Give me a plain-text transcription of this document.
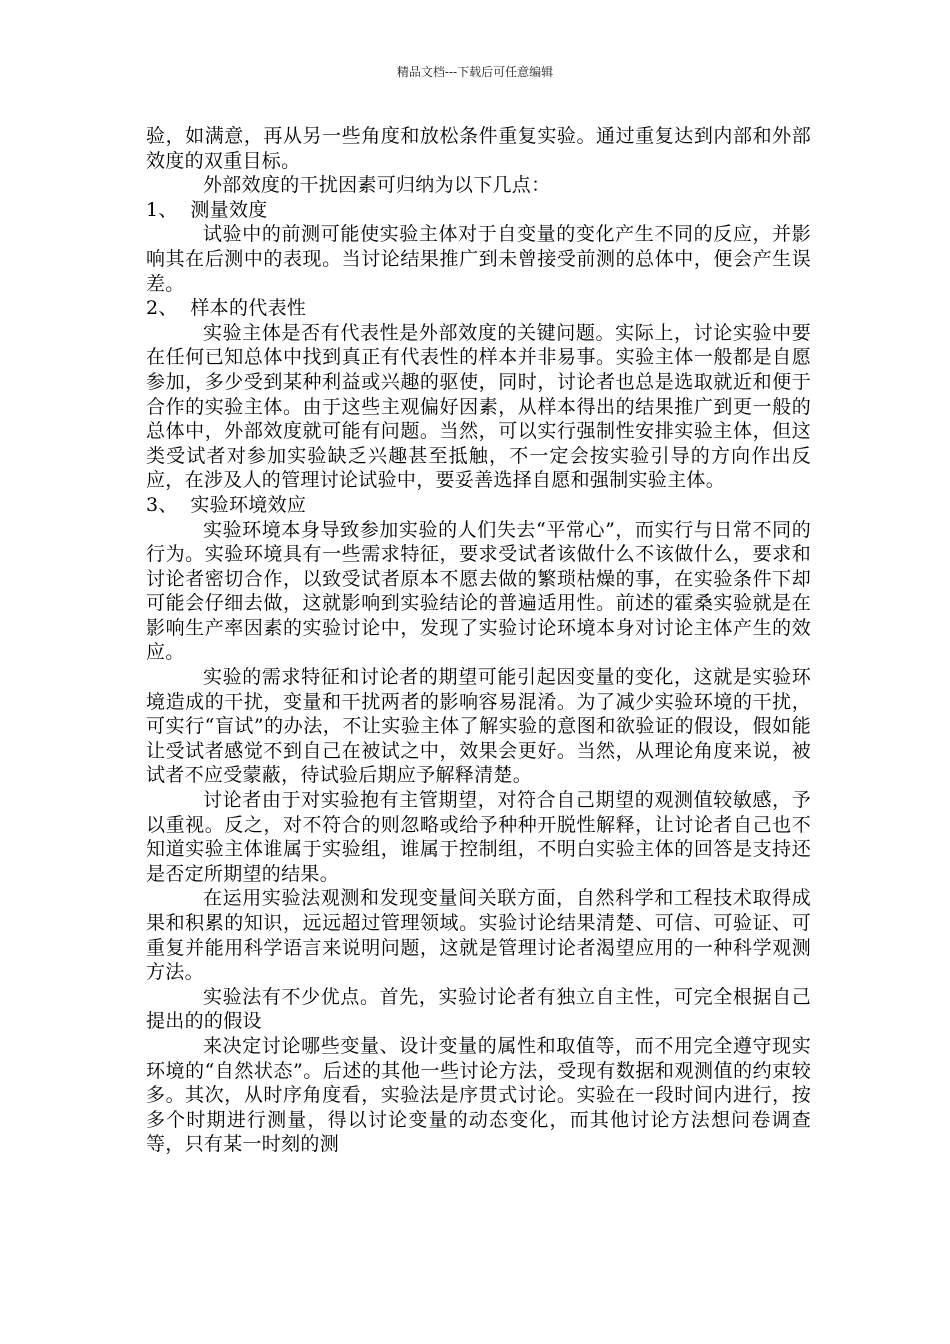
精品文档---下载后可任意编辑

验，如满意，再从另一些角度和放松条件重复实验。通过重复达到内部和外部效度的双重目标。

外部效度的干扰因素可归纳为以下几点：

1、  测量效度

试验中的前测可能使实验主体对于自变量的变化产生不同的反应，并影响其在后测中的表现。当讨论结果推广到未曾接受前测的总体中，便会产生误差。

2、  样本的代表性

实验主体是否有代表性是外部效度的关键问题。实际上，讨论实验中要在任何已知总体中找到真正有代表性的样本并非易事。实验主体一般都是自愿参加，多少受到某种利益或兴趣的驱使，同时，讨论者也总是选取就近和便于合作的实验主体。由于这些主观偏好因素，从样本得出的结果推广到更一般的总体中，外部效度就可能有问题。当然，可以实行强制性安排实验主体，但这类受试者对参加实验缺乏兴趣甚至抵触，不一定会按实验引导的方向作出反应，在涉及人的管理讨论试验中，要妥善选择自愿和强制实验主体。

3、  实验环境效应

实验环境本身导致参加实验的人们失去“平常心”，而实行与日常不同的行为。实验环境具有一些需求特征，要求受试者该做什么不该做什么，要求和讨论者密切合作，以致受试者原本不愿去做的繁琐枯燥的事，在实验条件下却可能会仔细去做，这就影响到实验结论的普遍适用性。前述的霍桑实验就是在影响生产率因素的实验讨论中，发现了实验讨论环境本身对讨论主体产生的效应。

实验的需求特征和讨论者的期望可能引起因变量的变化，这就是实验环境造成的干扰，变量和干扰两者的影响容易混淆。为了减少实验环境的干扰，可实行“盲试”的办法，不让实验主体了解实验的意图和欲验证的假设，假如能让受试者感觉不到自己在被试之中，效果会更好。当然，从理论角度来说，被试者不应受蒙蔽，待试验后期应予解释清楚。

讨论者由于对实验抱有主管期望，对符合自己期望的观测值较敏感，予以重视。反之，对不符合的则忽略或给予种种开脱性解释，让讨论者自己也不知道实验主体谁属于实验组，谁属于控制组，不明白实验主体的回答是支持还是否定所期望的结果。

在运用实验法观测和发现变量间关联方面，自然科学和工程技术取得成果和积累的知识，远远超过管理领域。实验讨论结果清楚、可信、可验证、可重复并能用科学语言来说明问题，这就是管理讨论者渴望应用的一种科学观测方法。

实验法有不少优点。首先，实验讨论者有独立自主性，可完全根据自己提出的的假设

来决定讨论哪些变量、设计变量的属性和取值等，而不用完全遵守现实环境的“自然状态”。后述的其他一些讨论方法，受现有数据和观测值的约束较多。其次，从时序角度看，实验法是序贯式讨论。实验在一段时间内进行，按多个时期进行测量，得以讨论变量的动态变化，而其他讨论方法想问卷调查等，只有某一时刻的测
